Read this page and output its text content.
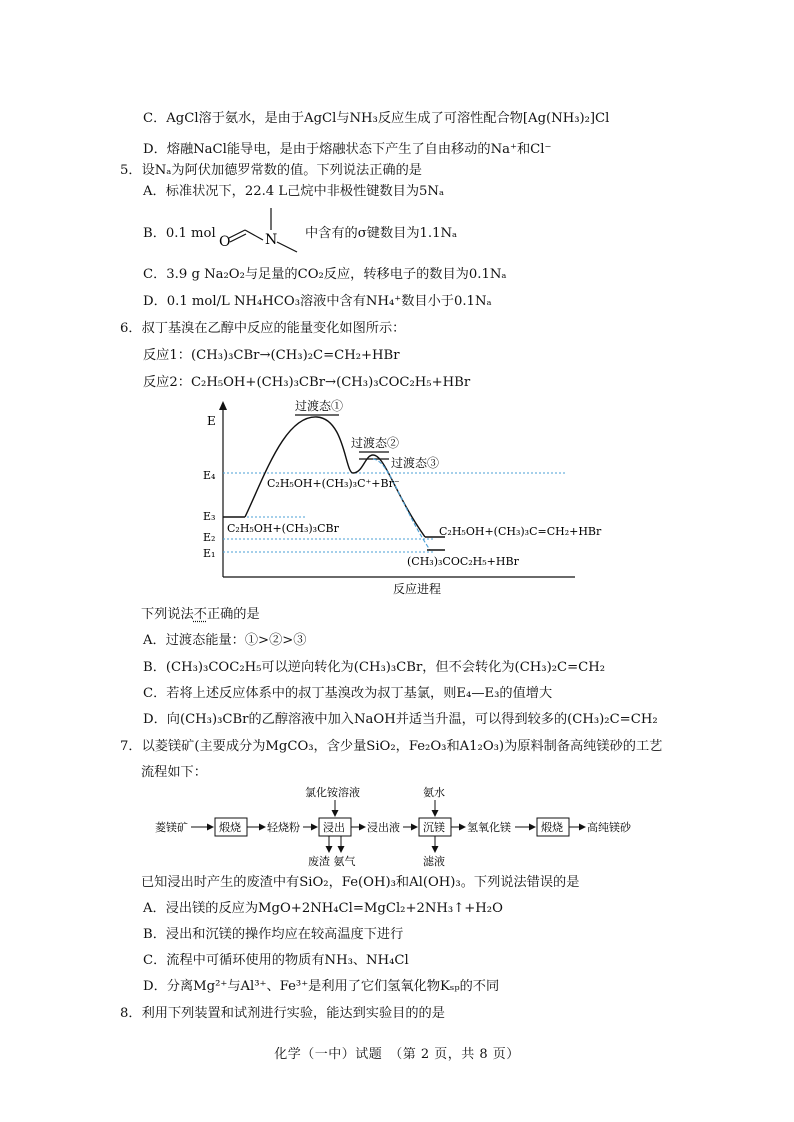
C．AgCl溶于氨水，是由于AgCl与NH₃反应生成了可溶性配合物[Ag(NH₃)₂]Cl
D．熔融NaCl能导电，是由于熔融状态下产生了自由移动的Na⁺和Cl⁻
5．设Nₐ为阿伏加德罗常数的值。下列说法正确的是
A．标准状况下，22.4 L己烷中非极性键数目为5Nₐ
B．0.1 mol
O N 中含有的σ键数目为1.1Nₐ
C．3.9 g Na₂O₂与足量的CO₂反应，转移电子的数目为0.1Nₐ
D．0.1 mol/L NH₄HCO₃溶液中含有NH₄⁺数目小于0.1Nₐ
6．叔丁基溴在乙醇中反应的能量变化如图所示：
反应1：(CH₃)₃CBr→(CH₃)₂C=CH₂+HBr
反应2：C₂H₅OH+(CH₃)₃CBr→(CH₃)₃COC₂H₅+HBr
E
反应进程
E₄
E₃
E₂
E₁
过渡态①
过渡态②
过渡态③
C₂H₅OH+(CH₃)₃C⁺+Br⁻
C₂H₅OH+(CH₃)₃CBr	C₂H₅OH+(CH₃)₃C=CH₂+HBr
(CH₃)₃COC₂H₅+HBr
下列说法不正确的是
A．过渡态能量：①>②>③
B．(CH₃)₃COC₂H₅可以逆向转化为(CH₃)₃CBr，但不会转化为(CH₃)₂C=CH₂
C．若将上述反应体系中的叔丁基溴改为叔丁基氯，则E₄—E₃的值增大
D．向(CH₃)₃CBr的乙醇溶液中加入NaOH并适当升温，可以得到较多的(CH₃)₂C=CH₂
7．以菱镁矿(主要成分为MgCO₃，含少量SiO₂，Fe₂O₃和A1₂O₃)为原料制备高纯镁砂的工艺
流程如下：
菱镁矿	煅烧 轻烧粉 浸出
氯化铵溶液
废渣 氨气
浸出液 沉镁
氨水
滤液
氢氧化镁	煅烧 高纯镁砂
已知浸出时产生的废渣中有SiO₂，Fe(OH)₃和Al(OH)₃。下列说法错误的是
A．浸出镁的反应为MgO+2NH₄Cl=MgCl₂+2NH₃↑+H₂O
B．浸出和沉镁的操作均应在较高温度下进行
C．流程中可循环使用的物质有NH₃、NH₄Cl
D．分离Mg²⁺与Al³⁺、Fe³⁺是利用了它们氢氧化物Kₛₚ的不同
8．利用下列装置和试剂进行实验，能达到实验目的的是
化学（一中）试题　（第 2 页，共 8 页）
